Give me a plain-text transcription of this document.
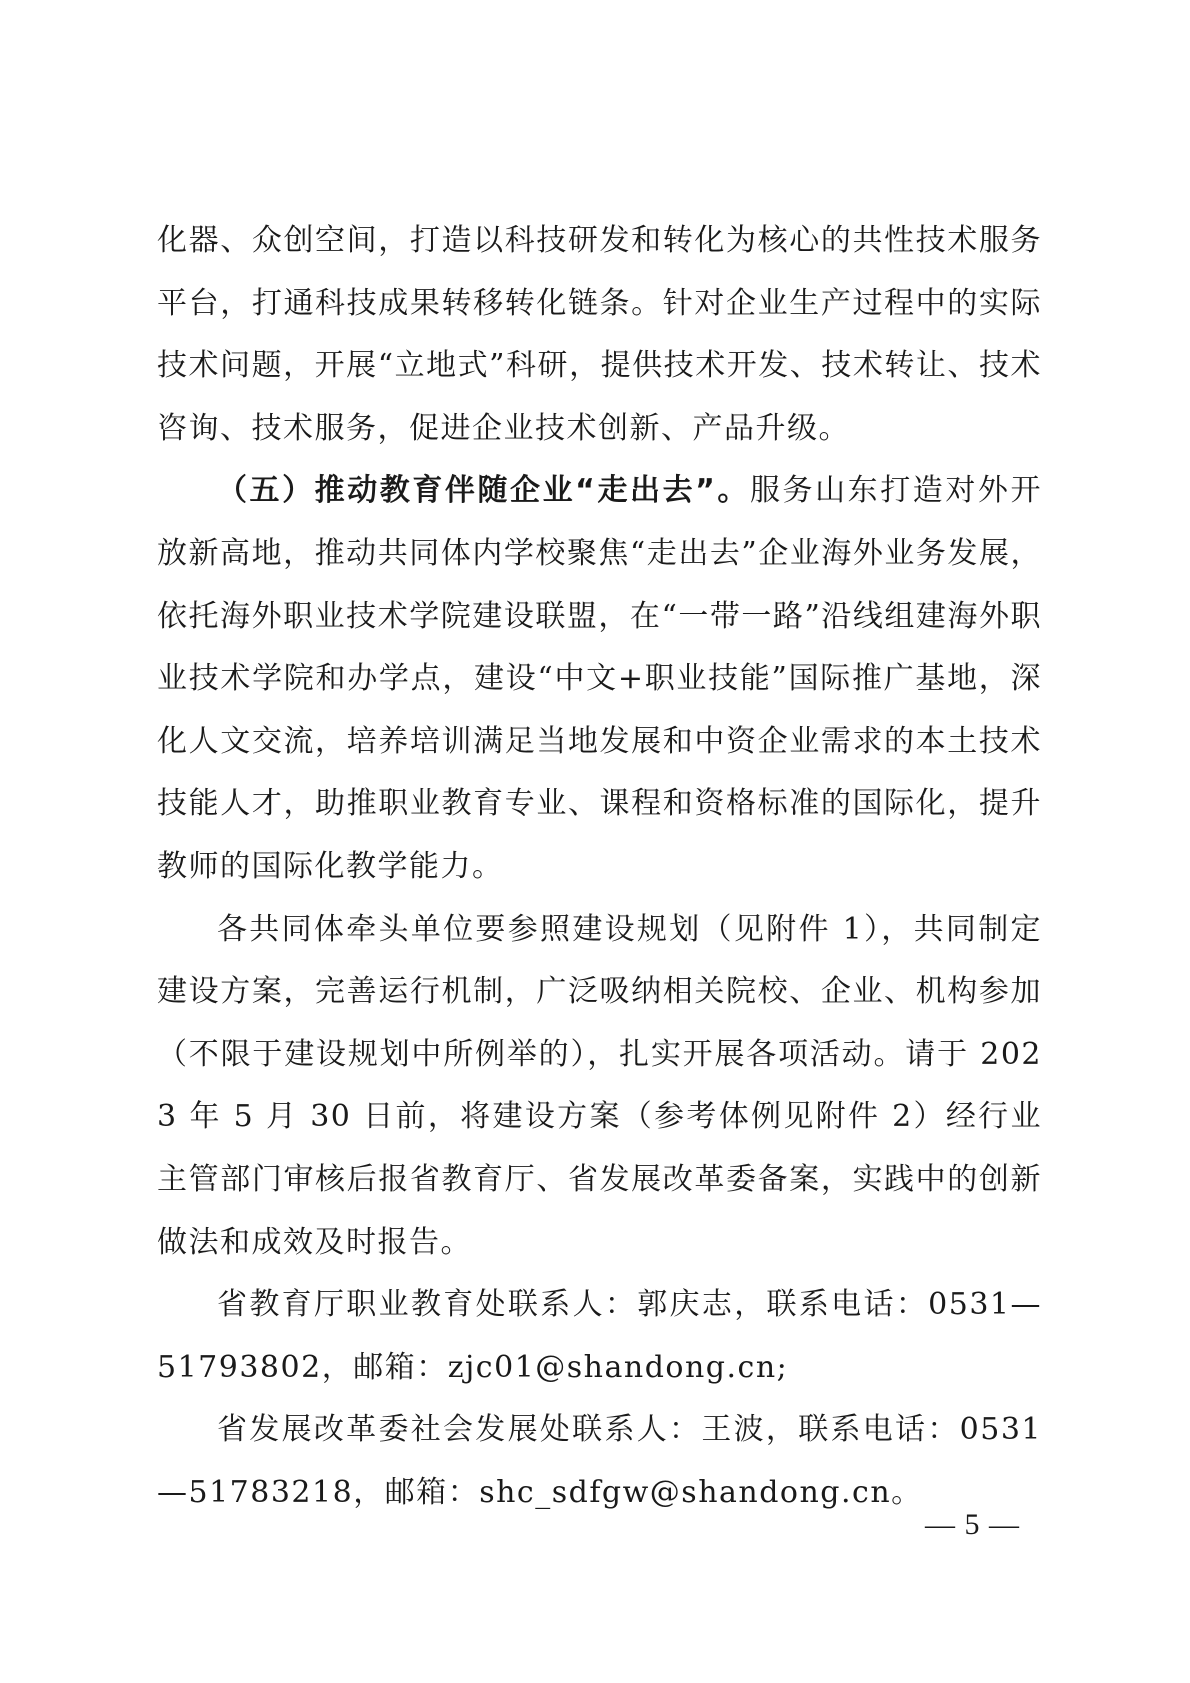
化器、众创空间，打造以科技研发和转化为核心的共性技术服务平台，打通科技成果转移转化链条。针对企业生产过程中的实际技术问题，开展“立地式”科研，提供技术开发、技术转让、技术咨询、技术服务，促进企业技术创新、产品升级。

（五）推动教育伴随企业“走出去”。服务山东打造对外开放新高地，推动共同体内学校聚焦“走出去”企业海外业务发展，依托海外职业技术学院建设联盟，在“一带一路”沿线组建海外职业技术学院和办学点，建设“中文+职业技能”国际推广基地，深化人文交流，培养培训满足当地发展和中资企业需求的本土技术技能人才，助推职业教育专业、课程和资格标准的国际化，提升教师的国际化教学能力。

各共同体牵头单位要参照建设规划（见附件 1），共同制定建设方案，完善运行机制，广泛吸纳相关院校、企业、机构参加（不限于建设规划中所例举的），扎实开展各项活动。请于 2023 年 5 月 30 日前，将建设方案（参考体例见附件 2）经行业主管部门审核后报省教育厅、省发展改革委备案，实践中的创新做法和成效及时报告。

省教育厅职业教育处联系人：郭庆志，联系电话：0531—51793802，邮箱：zjc01@shandong.cn;

省发展改革委社会发展处联系人：王波，联系电话：0531—51783218，邮箱：shc_sdfgw@shandong.cn。

— 5 —
